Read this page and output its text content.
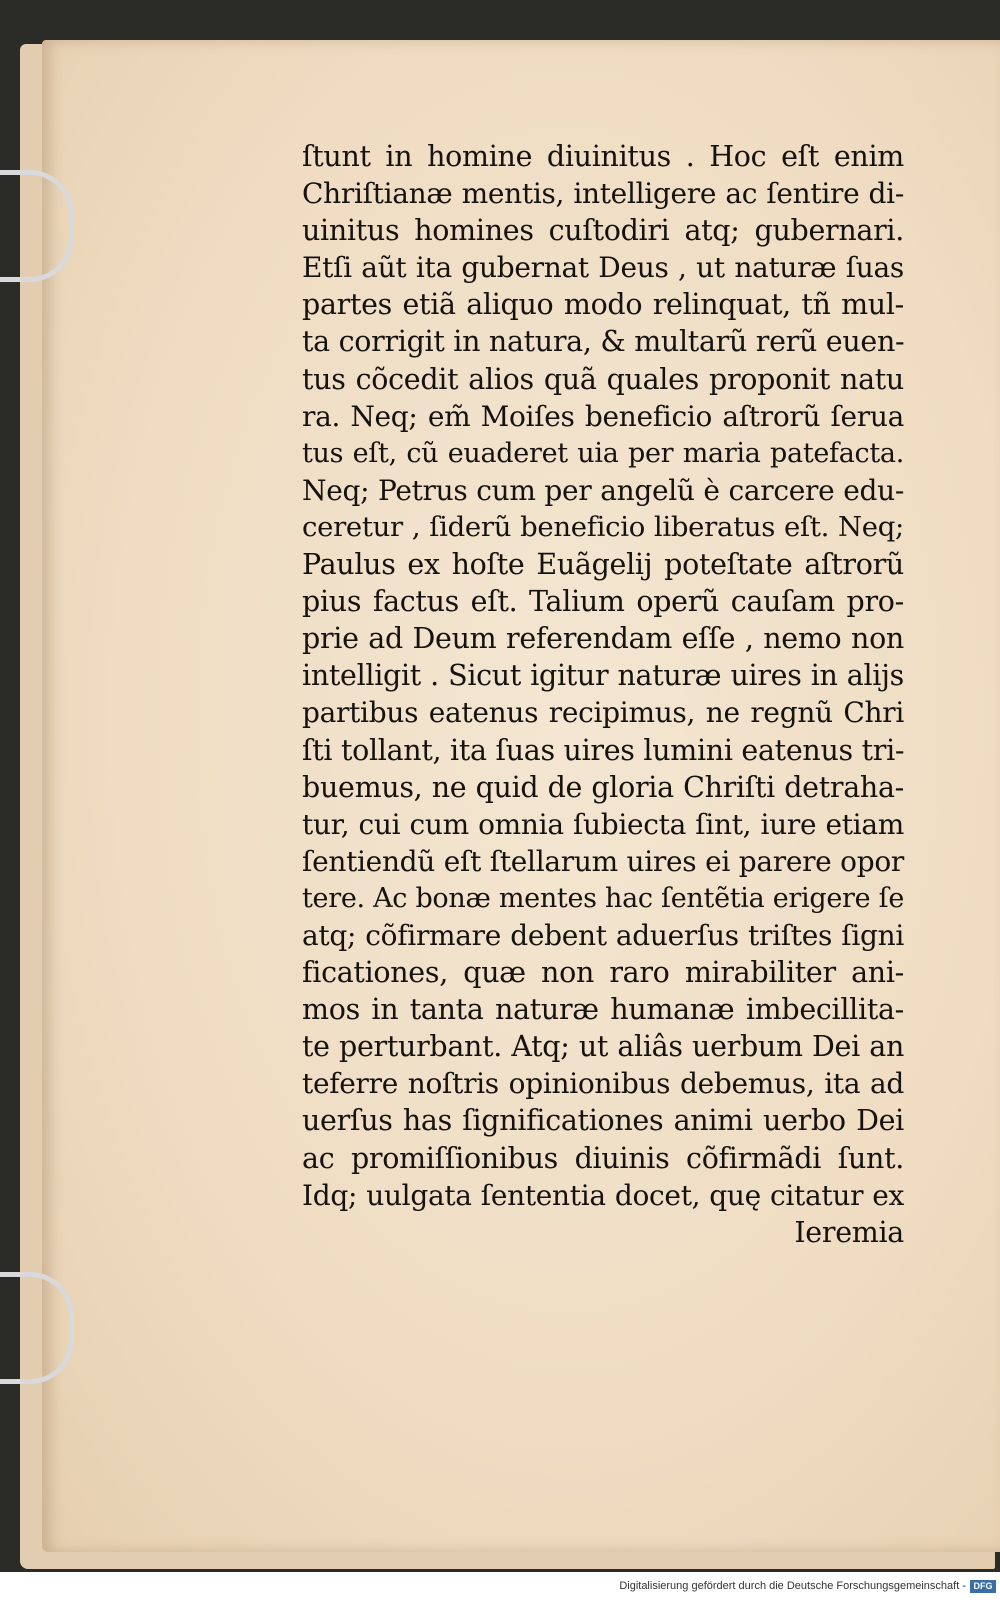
ſtunt in homine diuinitus . Hoc eſt enim
Chriſtianæ mentis, intelligere ac ſentire di-
uinitus homines cuſtodiri atq; gubernari.
Etſi aũt ita gubernat Deus , ut naturæ ſuas
partes etiã aliquo modo relinquat, tñ mul-
ta corrigit in natura, & multarũ rerũ euen-
tus cõcedit alios quã quales proponit natu
ra. Neq; em̃ Moiſes beneficio aſtrorũ ſerua
tus eſt, cũ euaderet uia per maria patefacta.
Neq; Petrus cum per angelũ è carcere edu-
ceretur , ſiderũ beneficio liberatus eſt. Neq;
Paulus ex hoſte Euãgelij poteſtate aſtrorũ
pius factus eſt. Talium operũ cauſam pro-
prie ad Deum referendam eſſe , nemo non
intelligit . Sicut igitur naturæ uires in alijs
partibus eatenus recipimus, ne regnũ Chri
ſti tollant, ita ſuas uires lumini eatenus tri-
buemus, ne quid de gloria Chriſti detraha-
tur, cui cum omnia ſubiecta ſint, iure etiam
ſentiendũ eſt ſtellarum uires ei parere opor
tere. Ac bonæ mentes hac ſentẽtia erigere ſe
atq; cõfirmare debent aduerſus triſtes ſigni
ficationes, quæ non raro mirabiliter ani-
mos in tanta naturæ humanæ imbecillita-
te perturbant. Atq; ut aliâs uerbum Dei an
teferre noſtris opinionibus debemus, ita ad
uerſus has ſignificationes animi uerbo Dei
ac promiſſionibus diuinis cõfirmãdi ſunt.
Idq; uulgata ſententia docet, quę citatur ex
Ieremia
Digitalisierung gefördert durch die Deutsche Forschungsgemeinschaft - DFG
